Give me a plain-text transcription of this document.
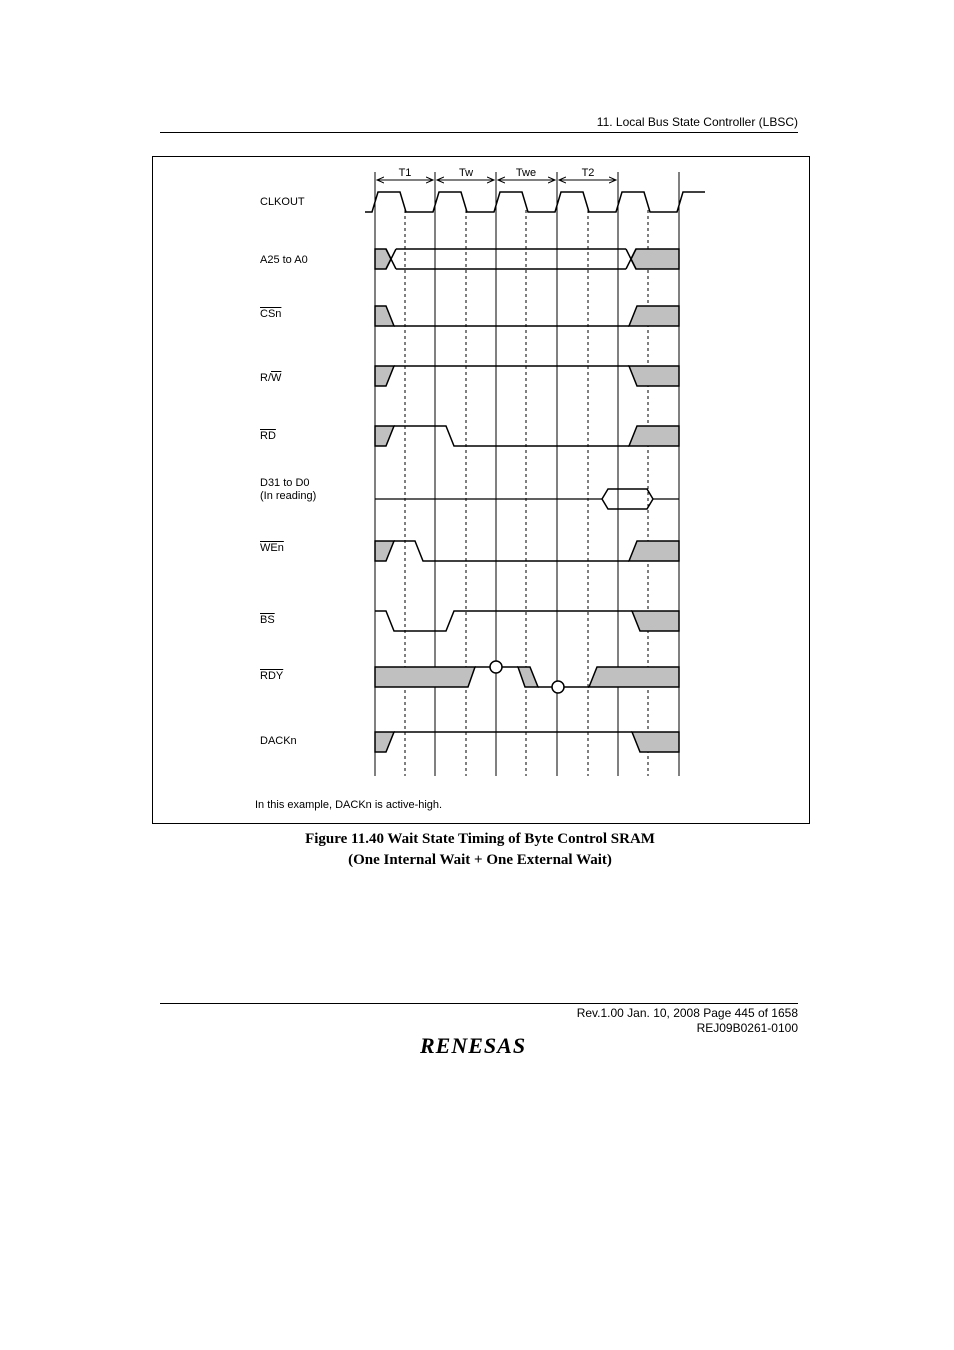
11. Local Bus State Controller (LBSC)
T1	Tw	Twe	T2
CLKOUT
A25 to A0
$\overline{CSn}$
$R/\overline{W}$
$\overline{RD}$
D31 to D0
(In reading)
$\overline{WEn}$
$\overline{BS}$
$\overline{RDY}$
DACKn
In this example, DACKn is active-high.
Figure 11.40 Wait State Timing of Byte Control SRAM
(One Internal Wait + One External Wait)
Rev.1.00 Jan. 10, 2008 Page 445 of 1658
REJ09B0261-0100
RENESAS
